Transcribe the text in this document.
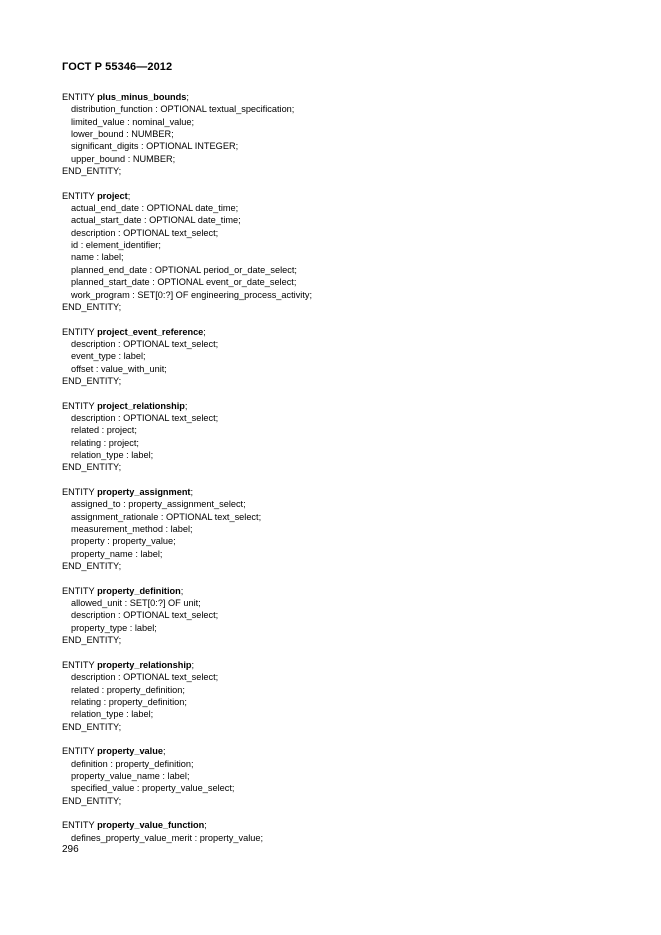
ГОСТ Р 55346—2012
ENTITY plus_minus_bounds;
distribution_function : OPTIONAL textual_specification;
limited_value : nominal_value;
lower_bound : NUMBER;
significant_digits : OPTIONAL INTEGER;
upper_bound : NUMBER;
END_ENTITY;
ENTITY project;
actual_end_date : OPTIONAL date_time;
actual_start_date : OPTIONAL date_time;
description : OPTIONAL text_select;
id : element_identifier;
name : label;
planned_end_date : OPTIONAL period_or_date_select;
planned_start_date : OPTIONAL event_or_date_select;
work_program : SET[0:?] OF engineering_process_activity;
END_ENTITY;
ENTITY project_event_reference;
description : OPTIONAL text_select;
event_type : label;
offset : value_with_unit;
END_ENTITY;
ENTITY project_relationship;
description : OPTIONAL text_select;
related : project;
relating : project;
relation_type : label;
END_ENTITY;
ENTITY property_assignment;
assigned_to : property_assignment_select;
assignment_rationale : OPTIONAL text_select;
measurement_method : label;
property : property_value;
property_name : label;
END_ENTITY;
ENTITY property_definition;
allowed_unit : SET[0:?] OF unit;
description : OPTIONAL text_select;
property_type : label;
END_ENTITY;
ENTITY property_relationship;
description : OPTIONAL text_select;
related : property_definition;
relating : property_definition;
relation_type : label;
END_ENTITY;
ENTITY property_value;
definition : property_definition;
property_value_name : label;
specified_value : property_value_select;
END_ENTITY;
ENTITY property_value_function;
defines_property_value_merit : property_value;
296
